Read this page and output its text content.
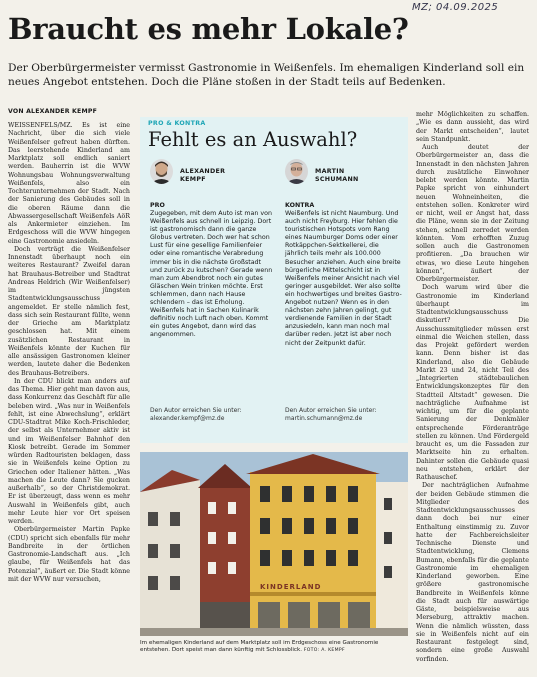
MZ; 04.09.2025
Braucht es mehr Lokale?
Der Oberbürgermeister vermisst Gastronomie in Weißenfels. Im ehemaligen Kinderland soll ein neues Angebot entstehen. Doch die Pläne stoßen in der Stadt teils auf Bedenken.
VON ALEXANDER KEMPF

WEISSENFELS/MZ. Es ist eine Nachricht, über die sich viele Weißenfelser gefreut haben dürften. Das leerstehende Kinderland am Marktplatz soll endlich saniert werden. Bauherrin ist die WVW Wohnungsbau Wohnungsverwaltung Weißenfels, also ein Tochterunternehmen der Stadt. Nach der Sanierung des Gebäudes soll in die oberen Räume dann die Abwassergesellschaft Weißenfels AöR als Ankermieter einziehen. Im Erdgeschoss will die WVW hingegen eine Gastronomie ansiedeln.

Doch verträgt die Weißenfelser Innenstadt überhaupt noch ein weiteres Restaurant? Zweifel daran hat Brauhaus-Betreiber und Stadtrat Andreas Heldrich (Wir Weißenfelser) im jüngsten Stadtentwicklungsausschuss angemeldet. Er stelle nämlich fest, dass sich sein Restaurant füllte, wenn der Grieche am Marktplatz geschlossen hat. Mit einem zusätzlichen Restaurant in Weißenfels könnte der Kuchen für alle ansässigen Gastronomen kleiner werden, lautete daher die Bedenken des Brauhaus-Betreibers.

In der CDU blickt man anders auf das Thema. Hier geht man davon aus, dass Konkurrenz das Geschäft für alle beleben wird. „Was nur in Weißenfels fehlt, ist eine Abwechslung“, erklärt CDU-Stadtrat Mike Koch-Frischleder, der selbst als Unternehmer aktiv ist und im Weißenfelser Bahnhof den Kiosk betreibt. Gerade im Sommer würden Radtouristen beklagen, dass sie in Weißenfels keine Option zu Griechen oder Italiener hätten. „Was machen die Leute dann? Sie gucken außerhalb“, so der Christdemokrat. Er ist überzeugt, dass wenn es mehr Auswahl in Weißenfels gibt, auch mehr Leute hier vor Ort speisen werden.

Oberbürgermeister Martin Papke (CDU) spricht sich ebenfalls für mehr Bandbreite in der örtlichen Gastronomie-Landschaft aus. „Ich glaube, für Weißenfels hat das Potenzial“, äußert er. Die Stadt könne mit der WVW nur versuchen,

PRO & KONTRA
Fehlt es an Auswahl?
ALEXANDER
KEMPF
MARTIN
SCHUMANN
PRO
Zugegeben, mit dem Auto ist man von Weißenfels aus schnell in Leipzig. Dort ist gastronomisch dann die ganze Globus vertreten. Doch wer hat schon Lust für eine gesellige Familienfeier oder eine romantische Verabredung immer bis in die nächste Großstadt und zurück zu kutschen? Gerade wenn man zum Abendbrot noch ein gutes Gläschen Wein trinken möchte. Erst schlemmen, dann nach Hause schlendern – das ist Erholung. Weißenfels hat in Sachen Kulinarik definitiv noch Luft nach oben. Kommt ein gutes Angebot, dann wird das angenommen.
Den Autor erreichen Sie unter:
alexander.kempf@mz.de
KONTRA
Weißenfels ist nicht Naumburg. Und auch nicht Freyburg. Hier fehlen die touristischen Hotspots vom Rang eines Naumburger Doms oder einer Rotkäppchen-Sektkellerei, die jährlich teils mehr als 100.000 Besucher anziehen. Auch eine breite bürgerliche Mittelschicht ist in Weißenfels meiner Ansicht nach viel geringer ausgebildet. Wer also sollte ein hochwertiges und breites Gastro-Angebot nutzen? Wenn es in den nächsten zehn Jahren gelingt, gut verdienende Familien in der Stadt anzusiedeln, kann man noch mal darüber reden. Jetzt ist aber noch nicht der Zeitpunkt dafür.
Den Autor erreichen Sie unter:
martin.schumann@mz.de
KINDERLAND
Im ehemaligen Kinderland auf dem Marktplatz soll im Erdgeschoss eine Gastronomie entstehen. Dort speist man dann künftig mit Schlossblick. FOTO: A. KEMPF

mehr Möglichkeiten zu schaffen. „Wie es dann aussieht, das wird der Markt entscheiden“, lautet sein Standpunkt.

Auch deutet der Oberbürgermeister an, dass die Innenstadt in den nächsten Jahren durch zusätzliche Einwohner belebt werden könnte. Martin Papke spricht von einhundert neuen Wohneinheiten, die entstehen sollen. Konkreter wird er nicht, weil er Angst hat, dass die Pläne, wenn sie in der Zeitung stehen, schnell zerredet werden könnten. Vom erhofften Zuzug sollen auch die Gastronomen profitieren. „Da brauchen wir etwas, wo diese Leute hingehen können“, äußert der Oberbürgermeister.

Doch warum wird über die Gastronomie im Kinderland überhaupt im Stadtentwicklungsausschuss diskutiert? Die Ausschussmitglieder müssen erst einmal die Weichen stellen, dass das Projekt gefördert werden kann. Denn bisher ist das Kinderland, also die Gebäude Markt 23 und 24, nicht Teil des „Integrierten städtebaulichen Entwicklungskonzeptes für den Stadtteil Altstadt“ gewesen. Die nachträgliche Aufnahme ist wichtig, um für die geplante Sanierung der Denkmäler entsprechende Förderanträge stellen zu können. Und Fördergeld braucht es, um die Fassaden zur Marktseite hin zu erhalten. Dahinter sollen die Gebäude quasi neu entstehen, erklärt der Rathauschef.

Der nachträglichen Aufnahme der beiden Gebäude stimmen die Mitglieder des Stadtentwicklungsausschusses dann doch bei nur einer Enthaltung einstimmig zu. Zuvor hatte der Fachbereichsleiter Technische Dienste und Stadtentwicklung, Clemens Bumann, ebenfalls für die geplante Gastronomie im ehemaligen Kinderland geworben. Eine größere gastronomische Bandbreite in Weißenfels könne die Stadt auch für auswärtige Gäste, beispielsweise aus Merseburg, attraktiv machen. Wenn die nämlich wüssten, dass sie in Weißenfels nicht auf ein Restaurant festgelegt sind, sondern eine große Auswahl vorfinden.
